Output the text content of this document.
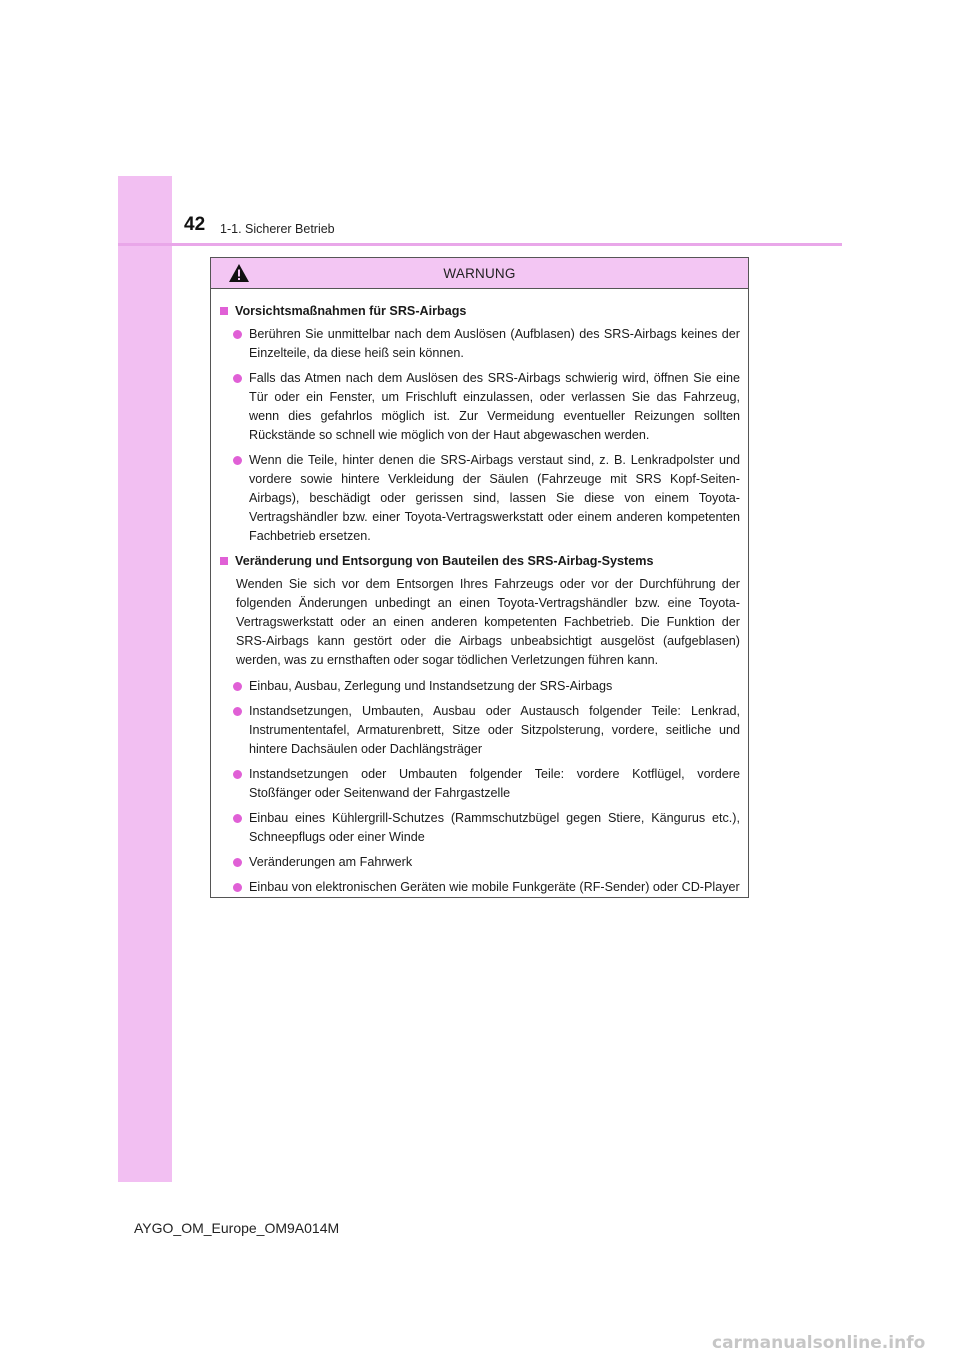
42 1-1. Sicherer Betrieb
WARNUNG
Vorsichtsmaßnahmen für SRS-Airbags
Berühren Sie unmittelbar nach dem Auslösen (Aufblasen) des SRS-Airbags keines der Einzelteile, da diese heiß sein können.
Falls das Atmen nach dem Auslösen des SRS-Airbags schwierig wird, öffnen Sie eine Tür oder ein Fenster, um Frischluft einzulassen, oder verlassen Sie das Fahrzeug, wenn dies gefahrlos möglich ist. Zur Vermeidung eventueller Reizungen sollten Rückstände so schnell wie möglich von der Haut abgewaschen werden.
Wenn die Teile, hinter denen die SRS-Airbags verstaut sind, z. B. Lenkradpolster und vordere sowie hintere Verkleidung der Säulen (Fahrzeuge mit SRS Kopf-Seiten-Airbags), beschädigt oder gerissen sind, lassen Sie diese von einem Toyota-Vertragshändler bzw. einer Toyota-Vertragswerkstatt oder einem anderen kompetenten Fachbetrieb ersetzen.
Veränderung und Entsorgung von Bauteilen des SRS-Airbag-Systems
Wenden Sie sich vor dem Entsorgen Ihres Fahrzeugs oder vor der Durchführung der folgenden Änderungen unbedingt an einen Toyota-Vertragshändler bzw. eine Toyota-Vertragswerkstatt oder an einen anderen kompetenten Fachbetrieb. Die Funktion der SRS-Airbags kann gestört oder die Airbags unbeabsichtigt ausgelöst (aufgeblasen) werden, was zu ernsthaften oder sogar tödlichen Verletzungen führen kann.
Einbau, Ausbau, Zerlegung und Instandsetzung der SRS-Airbags
Instandsetzungen, Umbauten, Ausbau oder Austausch folgender Teile: Lenkrad, Instrumententafel, Armaturenbrett, Sitze oder Sitzpolsterung, vordere, seitliche und hintere Dachsäulen oder Dachlängsträger
Instandsetzungen oder Umbauten folgender Teile: vordere Kotflügel, vordere Stoßfänger oder Seitenwand der Fahrgastzelle
Einbau eines Kühlergrill-Schutzes (Rammschutzbügel gegen Stiere, Kängurus etc.), Schneepflugs oder einer Winde
Veränderungen am Fahrwerk
Einbau von elektronischen Geräten wie mobile Funkgeräte (RF-Sender) oder CD-Player
AYGO_OM_Europe_OM9A014M
carmanualsonline.info
